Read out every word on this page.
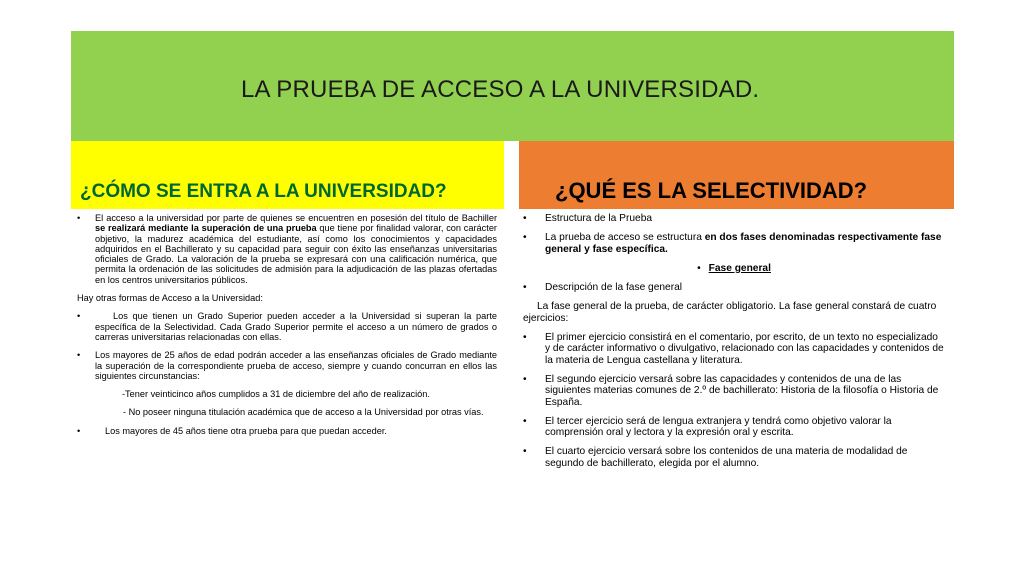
LA PRUEBA DE ACCESO A LA UNIVERSIDAD.
¿CÓMO SE ENTRA A LA UNIVERSIDAD?	¿QUÉ ES LA SELECTIVIDAD?

• El acceso a la universidad por parte de quienes se encuentren en posesión del título de Bachiller se realizará mediante la superación de una prueba que tiene por finalidad valorar, con carácter objetivo, la madurez académica del estudiante, así como los conocimientos y capacidades adquiridos en el Bachillerato y su capacidad para seguir con éxito las enseñanzas universitarias oficiales de Grado. La valoración de la prueba se expresará con una calificación numérica, que permita la ordenación de las solicitudes de admisión para la adjudicación de las plazas ofertadas en los centros universitarios públicos.

Hay otras formas de Acceso a la Universidad:

• Los que tienen un Grado Superior pueden acceder a la Universidad si superan la parte específica de la Selectividad. Cada Grado Superior permite el acceso a un número de grados o carreras universitarias relacionadas con ellas.

• Los mayores de 25 años de edad podrán acceder a las enseñanzas oficiales de Grado mediante la superación de la correspondiente prueba de acceso, siempre y cuando concurran en ellos las siguientes circunstancias:

-Tener veinticinco años cumplidos a 31 de diciembre del año de realización.

- No poseer ninguna titulación académica que de acceso a la Universidad por otras vías.

• Los mayores de 45 años tiene otra prueba para que puedan acceder.

• Estructura de la Prueba

• La prueba de acceso se estructura en dos fases denominadas respectivamente fase general y fase específica.

• Fase general

• Descripción de la fase general

La fase general de la prueba, de carácter obligatorio. La fase general constará de cuatro ejercicios:

• El primer ejercicio consistirá en el comentario, por escrito, de un texto no especializado y de carácter informativo o divulgativo, relacionado con las capacidades y contenidos de la materia de Lengua castellana y literatura.

• El segundo ejercicio versará sobre las capacidades y contenidos de una de las siguientes materias comunes de 2.º de bachillerato: Historia de la filosofía o Historia de España.

• El tercer ejercicio será de lengua extranjera y tendrá como objetivo valorar la comprensión oral y lectora y la expresión oral y escrita.

• El cuarto ejercicio versará sobre los contenidos de una materia de modalidad de segundo de bachillerato, elegida por el alumno.
